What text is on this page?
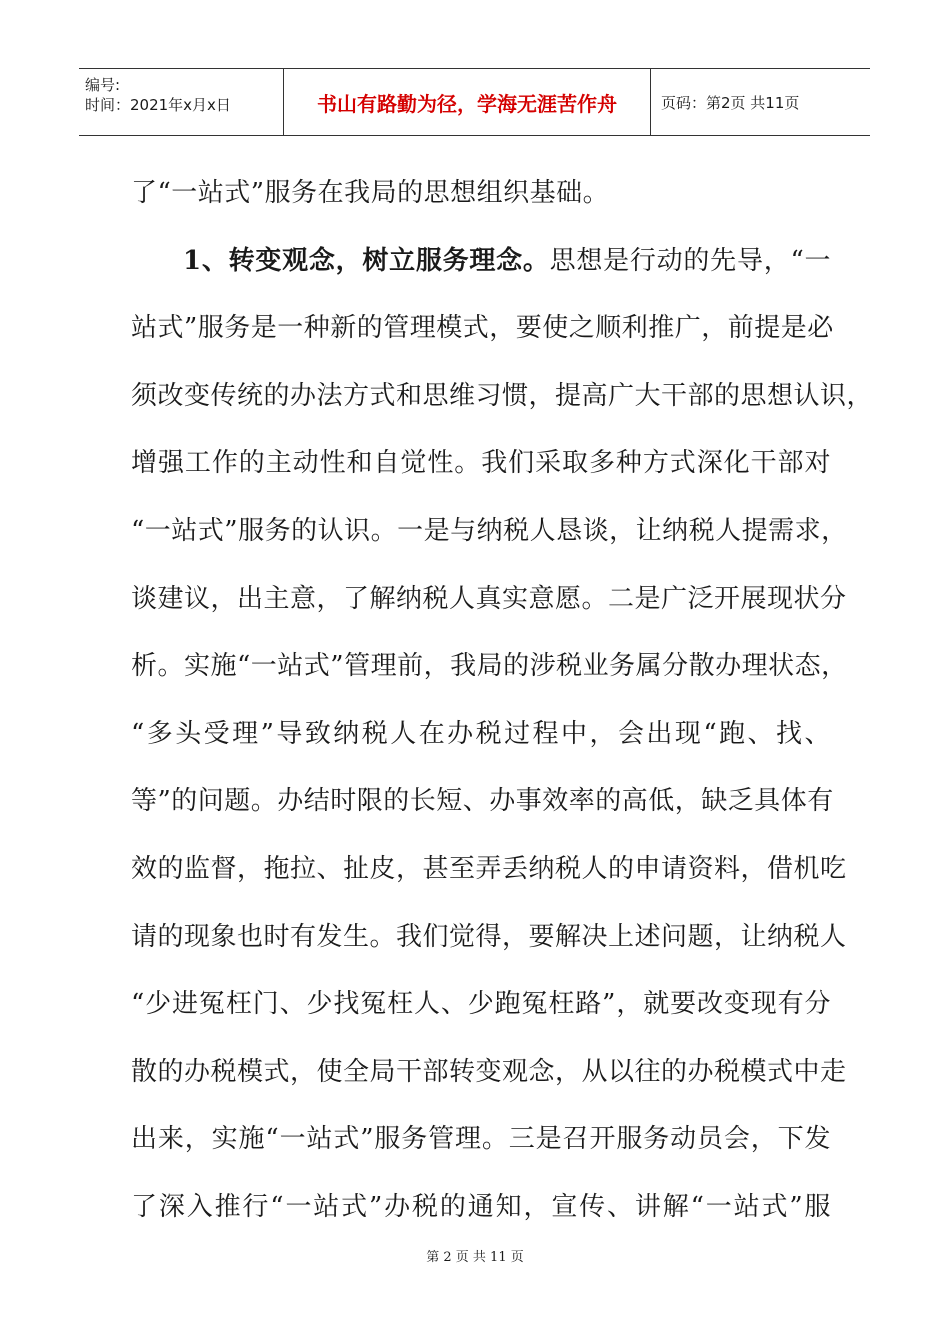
编号:
时间：2021年x月x日	书山有路勤为径，学海无涯苦作舟	页码：第2页 共11页
了“一站式”服务在我局的思想组织基础。
1、转变观念，树立服务理念。思想是行动的先导，“一
站式”服务是一种新的管理模式，要使之顺利推广，前提是必
须改变传统的办法方式和思维习惯，提高广大干部的思想认识，
增强工作的主动性和自觉性。我们采取多种方式深化干部对
“一站式”服务的认识。一是与纳税人恳谈，让纳税人提需求，
谈建议，出主意，了解纳税人真实意愿。二是广泛开展现状分
析。实施“一站式”管理前，我局的涉税业务属分散办理状态，
“多头受理”导致纳税人在办税过程中，会出现“跑、找、
等”的问题。办结时限的长短、办事效率的高低，缺乏具体有
效的监督，拖拉、扯皮，甚至弄丢纳税人的申请资料，借机吃
请的现象也时有发生。我们觉得，要解决上述问题，让纳税人
“少进冤枉门、少找冤枉人、少跑冤枉路”，就要改变现有分
散的办税模式，使全局干部转变观念，从以往的办税模式中走
出来，实施“一站式”服务管理。三是召开服务动员会，下发
了深入推行“一站式”办税的通知，宣传、讲解“一站式”服
第 2 页 共 11 页
